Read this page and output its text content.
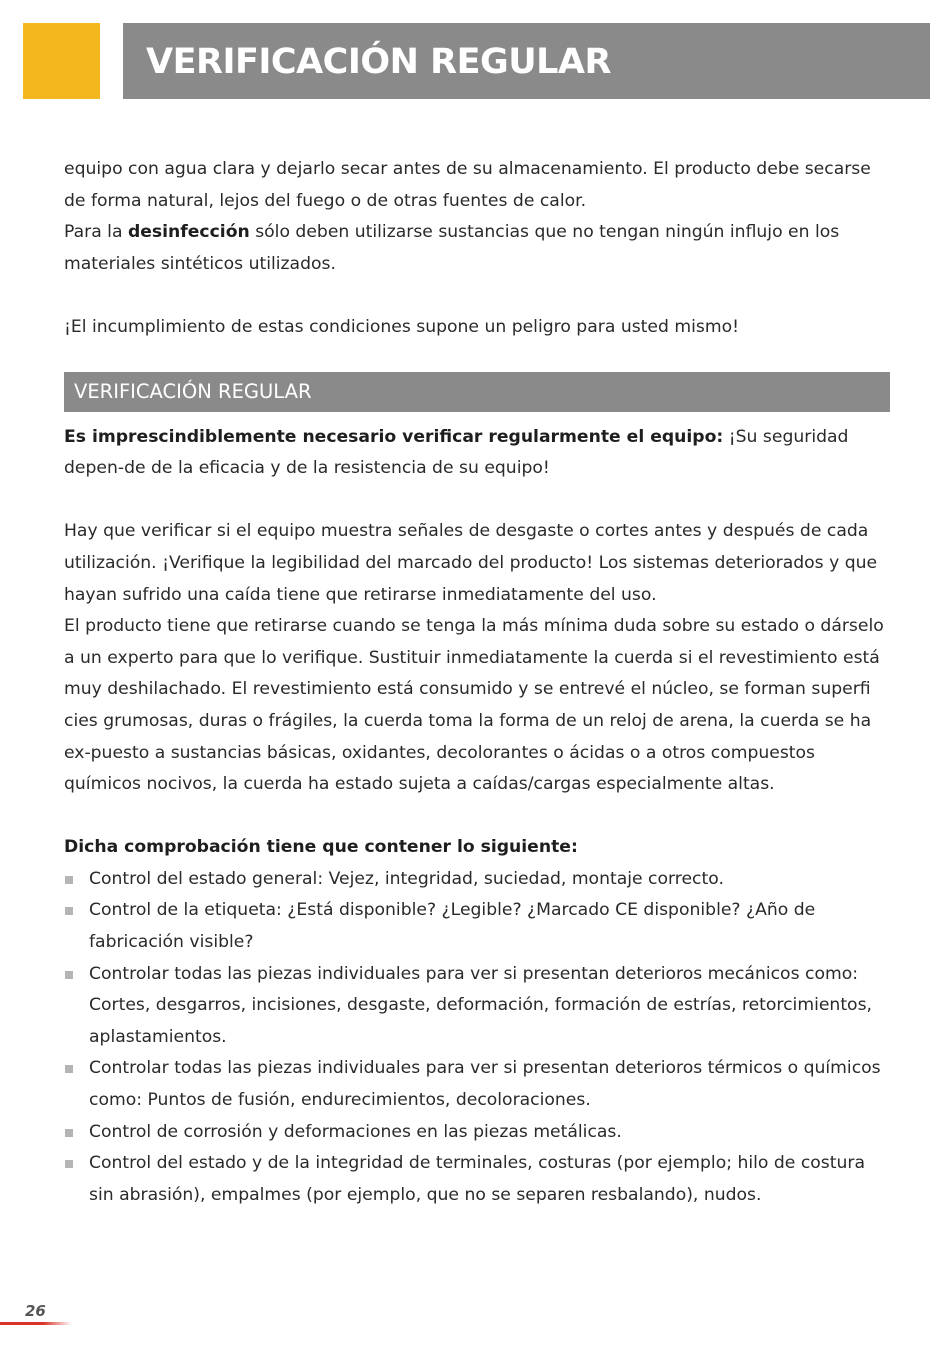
VERIFICACIÓN REGULAR

equipo con agua clara y dejarlo secar antes de su almacenamiento. El producto debe secarse de forma natural, lejos del fuego o de otras fuentes de calor.

Para la desinfección sólo deben utilizarse sustancias que no tengan ningún influjo en los materiales sintéticos utilizados.

¡El incumplimiento de estas condiciones supone un peligro para usted mismo!

VERIFICACIÓN REGULAR

Es imprescindiblemente necesario verificar regularmente el equipo: ¡Su seguridad depen-de de la eficacia y de la resistencia de su equipo!

Hay que verificar si el equipo muestra señales de desgaste o cortes antes y después de cada utilización. ¡Verifique la legibilidad del marcado del producto! Los sistemas deteriorados y que hayan sufrido una caída tiene que retirarse inmediatamente del uso.

El producto tiene que retirarse cuando se tenga la más mínima duda sobre su estado o dárselo a un experto para que lo verifique. Sustituir inmediatamente la cuerda si el revestimiento está muy deshilachado. El revestimiento está consumido y se entrevé el núcleo, se forman superfi cies grumosas, duras o frágiles, la cuerda toma la forma de un reloj de arena, la cuerda se ha ex-puesto a sustancias básicas, oxidantes, decolorantes o ácidas o a otros compuestos químicos nocivos, la cuerda ha estado sujeta a caídas/cargas especialmente altas.

Dicha comprobación tiene que contener lo siguiente:

Control del estado general: Vejez, integridad, suciedad, montaje correcto.
Control de la etiqueta: ¿Está disponible? ¿Legible? ¿Marcado CE disponible? ¿Año de fabricación visible?
Controlar todas las piezas individuales para ver si presentan deterioros mecánicos como: Cortes, desgarros, incisiones, desgaste, deformación, formación de estrías, retorcimientos, aplastamientos.
Controlar todas las piezas individuales para ver si presentan deterioros térmicos o químicos como: Puntos de fusión, endurecimientos, decoloraciones.
Control de corrosión y deformaciones en las piezas metálicas.
Control del estado y de la integridad de terminales, costuras (por ejemplo; hilo de costura sin abrasión), empalmes (por ejemplo, que no se separen resbalando), nudos.
26
